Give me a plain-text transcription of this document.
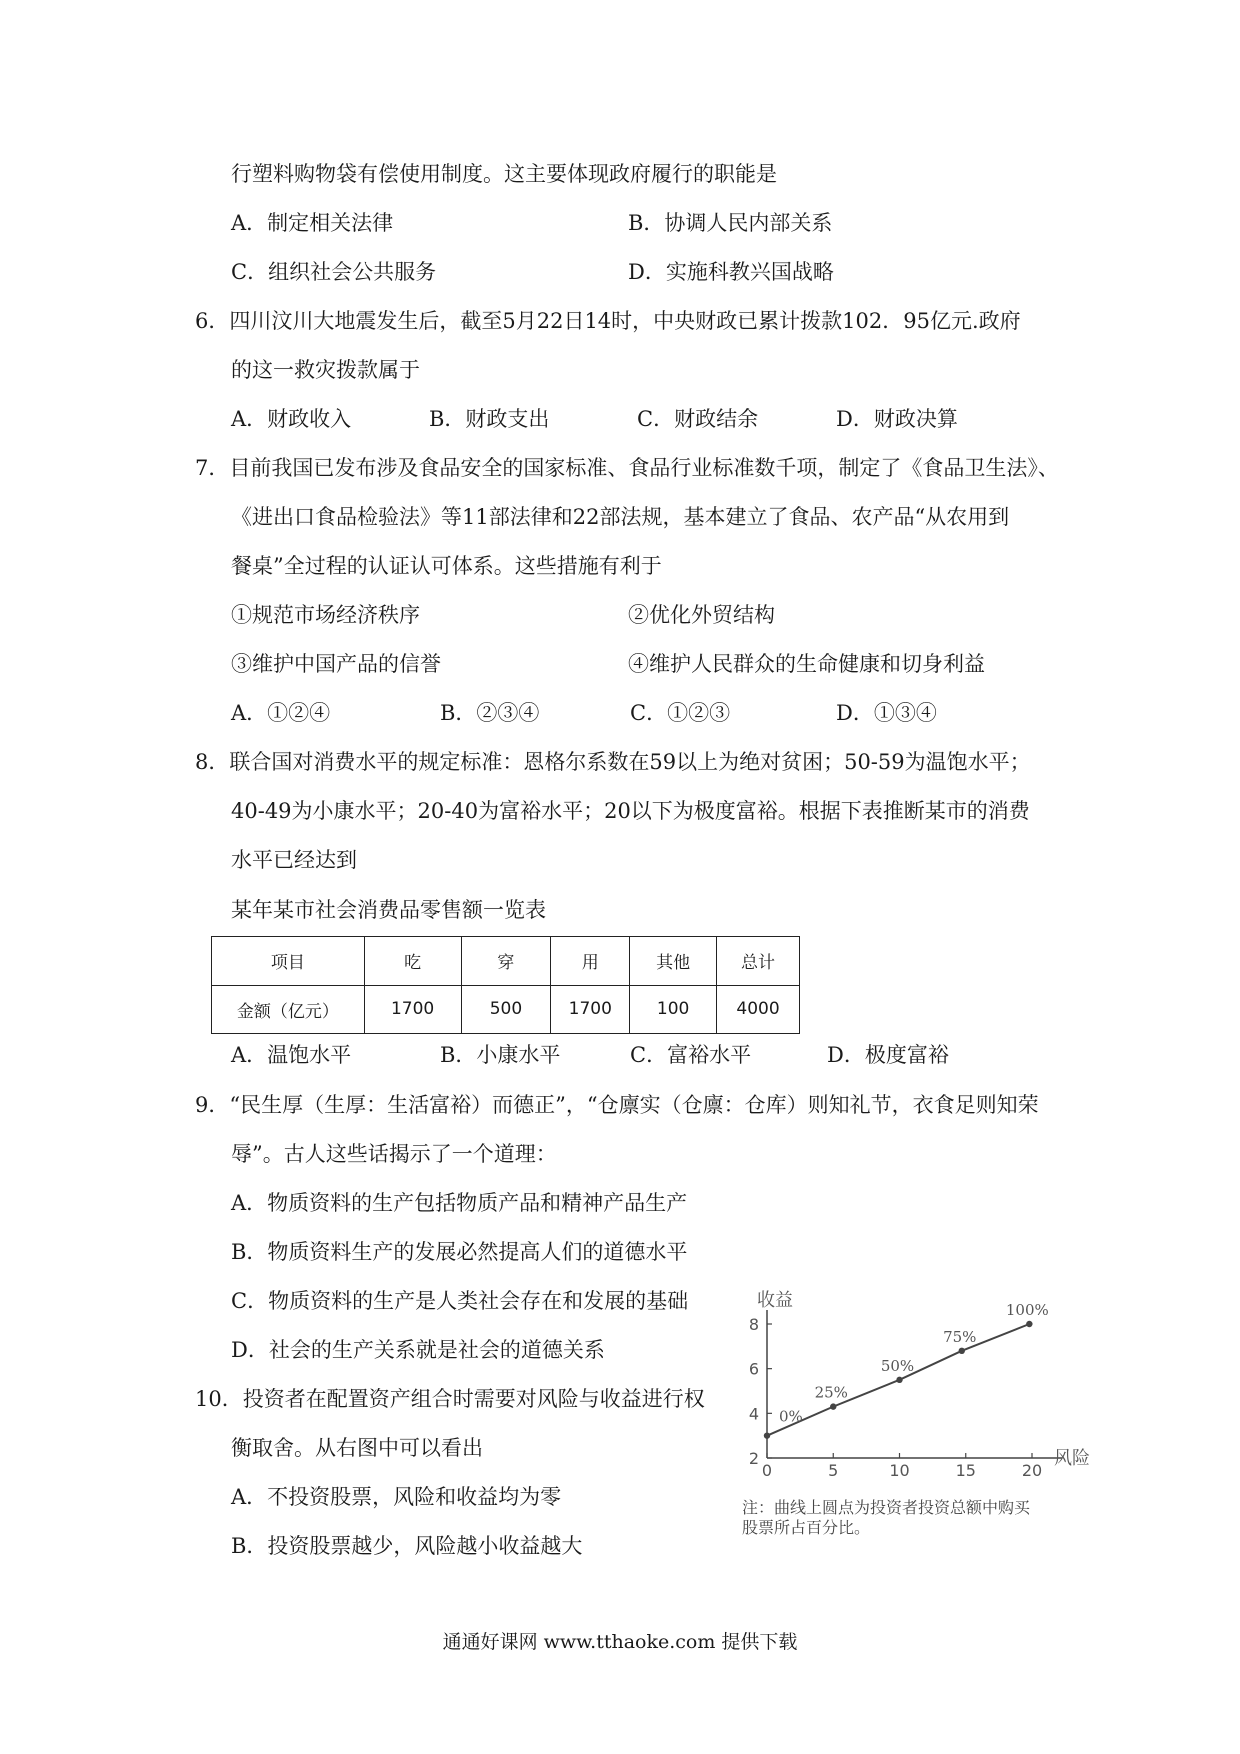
行塑料购物袋有偿使用制度。这主要体现政府履行的职能是
A．制定相关法律	B．协调人民内部关系
C．组织社会公共服务	D．实施科教兴国战略
6．四川汶川大地震发生后，截至5月22日14时，中央财政已累计拨款102．95亿元.政府
的这一救灾拨款属于
A．财政收入	B．财政支出	C．财政结余	D．财政决算
7．目前我国已发布涉及食品安全的国家标准、食品行业标准数千项，制定了《食品卫生法》、
《进出口食品检验法》等11部法律和22部法规，基本建立了食品、农产品“从农用到
餐桌”全过程的认证认可体系。这些措施有利于
①规范市场经济秩序	②优化外贸结构
③维护中国产品的信誉	④维护人民群众的生命健康和切身利益
A．①②④	B．②③④	C．①②③	D．①③④
8．联合国对消费水平的规定标准：恩格尔系数在59以上为绝对贫困；50-59为温饱水平；
40-49为小康水平；20-40为富裕水平；20以下为极度富裕。根据下表推断某市的消费
水平已经达到
某年某市社会消费品零售额一览表
项目	吃	穿	用	其他	总计
金额（亿元）	1700	500	1700	100	4000
A．温饱水平	B．小康水平	C．富裕水平	D．极度富裕
9．“民生厚（生厚：生活富裕）而德正”，“仓廪实（仓廪：仓库）则知礼节，衣食足则知荣
辱”。古人这些话揭示了一个道理：
A．物质资料的生产包括物质产品和精神产品生产
B．物质资料生产的发展必然提高人们的道德水平
C．物质资料的生产是人类社会存在和发展的基础
D．社会的生产关系就是社会的道德关系
10．投资者在配置资产组合时需要对风险与收益进行权
衡取舍。从右图中可以看出
A．不投资股票，风险和收益均为零
B．投资股票越少，风险越小收益越大
收益
风险
0	5	10	15	20
2
4
6
8
0%
25%
50%
75%
100%
注：曲线上圆点为投资者投资总额中购买
股票所占百分比。
通通好课网 www.tthaoke.com 提供下载
